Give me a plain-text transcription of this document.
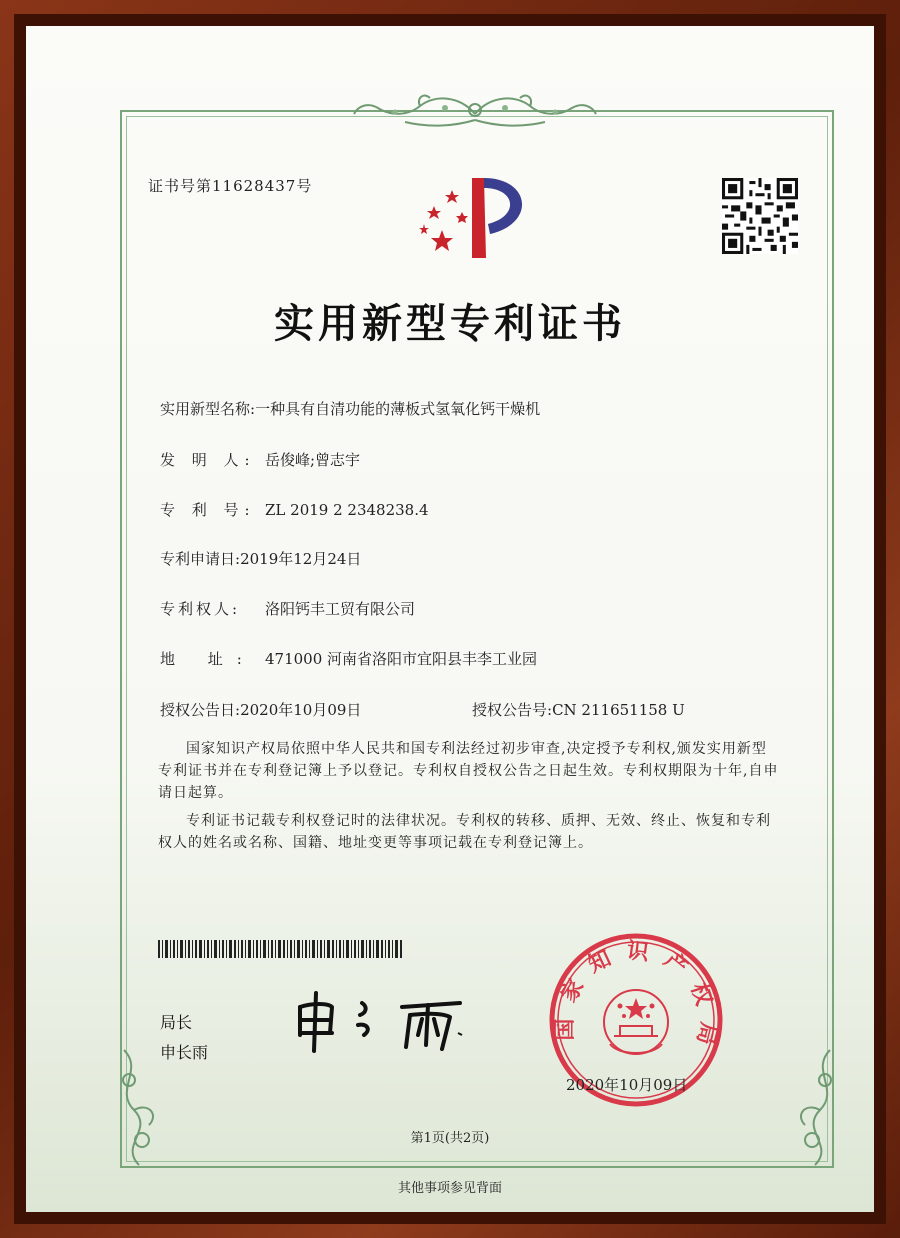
证书号第11628437号
实用新型专利证书
实用新型名称:一种具有自清功能的薄板式氢氧化钙干燥机
发 明 人: 岳俊峰;曾志宇
专 利 号: ZL 2019 2 2348238.4
专利申请日:2019年12月24日
专利权人: 洛阳钙丰工贸有限公司
地 址: 471000 河南省洛阳市宜阳县丰李工业园
授权公告日:2020年10月09日	授权公告号:CN 211651158 U
国家知识产权局依照中华人民共和国专利法经过初步审查,决定授予专利权,颁发实用新型专利证书并在专利登记簿上予以登记。专利权自授权公告之日起生效。专利权期限为十年,自申请日起算。
专利证书记载专利权登记时的法律状况。专利权的转移、质押、无效、终止、恢复和专利权人的姓名或名称、国籍、地址变更等事项记载在专利登记簿上。
局长
申长雨
国家知识产权局
2020年10月09日
第1页(共2页)
其他事项参见背面
